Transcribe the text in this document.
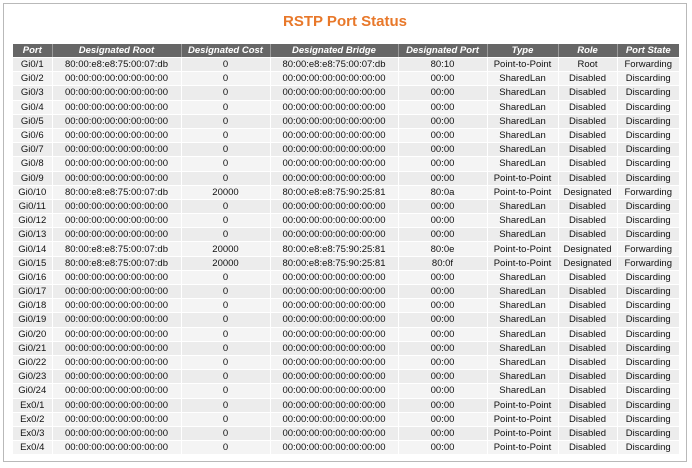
RSTP Port Status
Port	Designated Root	Designated Cost	Designated Bridge	Designated Port	Type	Role	Port State
Gi0/1	80:00:e8:e8:75:00:07:db	0	80:00:e8:e8:75:00:07:db	80:10	Point-to-Point	Root	Forwarding
Gi0/2	00:00:00:00:00:00:00:00	0	00:00:00:00:00:00:00:00	00:00	SharedLan	Disabled	Discarding
Gi0/3	00:00:00:00:00:00:00:00	0	00:00:00:00:00:00:00:00	00:00	SharedLan	Disabled	Discarding
Gi0/4	00:00:00:00:00:00:00:00	0	00:00:00:00:00:00:00:00	00:00	SharedLan	Disabled	Discarding
Gi0/5	00:00:00:00:00:00:00:00	0	00:00:00:00:00:00:00:00	00:00	SharedLan	Disabled	Discarding
Gi0/6	00:00:00:00:00:00:00:00	0	00:00:00:00:00:00:00:00	00:00	SharedLan	Disabled	Discarding
Gi0/7	00:00:00:00:00:00:00:00	0	00:00:00:00:00:00:00:00	00:00	SharedLan	Disabled	Discarding
Gi0/8	00:00:00:00:00:00:00:00	0	00:00:00:00:00:00:00:00	00:00	SharedLan	Disabled	Discarding
Gi0/9	00:00:00:00:00:00:00:00	0	00:00:00:00:00:00:00:00	00:00	Point-to-Point	Disabled	Discarding
Gi0/10	80:00:e8:e8:75:00:07:db	20000	80:00:e8:e8:75:90:25:81	80:0a	Point-to-Point	Designated	Forwarding
Gi0/11	00:00:00:00:00:00:00:00	0	00:00:00:00:00:00:00:00	00:00	SharedLan	Disabled	Discarding
Gi0/12	00:00:00:00:00:00:00:00	0	00:00:00:00:00:00:00:00	00:00	SharedLan	Disabled	Discarding
Gi0/13	00:00:00:00:00:00:00:00	0	00:00:00:00:00:00:00:00	00:00	SharedLan	Disabled	Discarding
Gi0/14	80:00:e8:e8:75:00:07:db	20000	80:00:e8:e8:75:90:25:81	80:0e	Point-to-Point	Designated	Forwarding
Gi0/15	80:00:e8:e8:75:00:07:db	20000	80:00:e8:e8:75:90:25:81	80:0f	Point-to-Point	Designated	Forwarding
Gi0/16	00:00:00:00:00:00:00:00	0	00:00:00:00:00:00:00:00	00:00	SharedLan	Disabled	Discarding
Gi0/17	00:00:00:00:00:00:00:00	0	00:00:00:00:00:00:00:00	00:00	SharedLan	Disabled	Discarding
Gi0/18	00:00:00:00:00:00:00:00	0	00:00:00:00:00:00:00:00	00:00	SharedLan	Disabled	Discarding
Gi0/19	00:00:00:00:00:00:00:00	0	00:00:00:00:00:00:00:00	00:00	SharedLan	Disabled	Discarding
Gi0/20	00:00:00:00:00:00:00:00	0	00:00:00:00:00:00:00:00	00:00	SharedLan	Disabled	Discarding
Gi0/21	00:00:00:00:00:00:00:00	0	00:00:00:00:00:00:00:00	00:00	SharedLan	Disabled	Discarding
Gi0/22	00:00:00:00:00:00:00:00	0	00:00:00:00:00:00:00:00	00:00	SharedLan	Disabled	Discarding
Gi0/23	00:00:00:00:00:00:00:00	0	00:00:00:00:00:00:00:00	00:00	SharedLan	Disabled	Discarding
Gi0/24	00:00:00:00:00:00:00:00	0	00:00:00:00:00:00:00:00	00:00	SharedLan	Disabled	Discarding
Ex0/1	00:00:00:00:00:00:00:00	0	00:00:00:00:00:00:00:00	00:00	Point-to-Point	Disabled	Discarding
Ex0/2	00:00:00:00:00:00:00:00	0	00:00:00:00:00:00:00:00	00:00	Point-to-Point	Disabled	Discarding
Ex0/3	00:00:00:00:00:00:00:00	0	00:00:00:00:00:00:00:00	00:00	Point-to-Point	Disabled	Discarding
Ex0/4	00:00:00:00:00:00:00:00	0	00:00:00:00:00:00:00:00	00:00	Point-to-Point	Disabled	Discarding
